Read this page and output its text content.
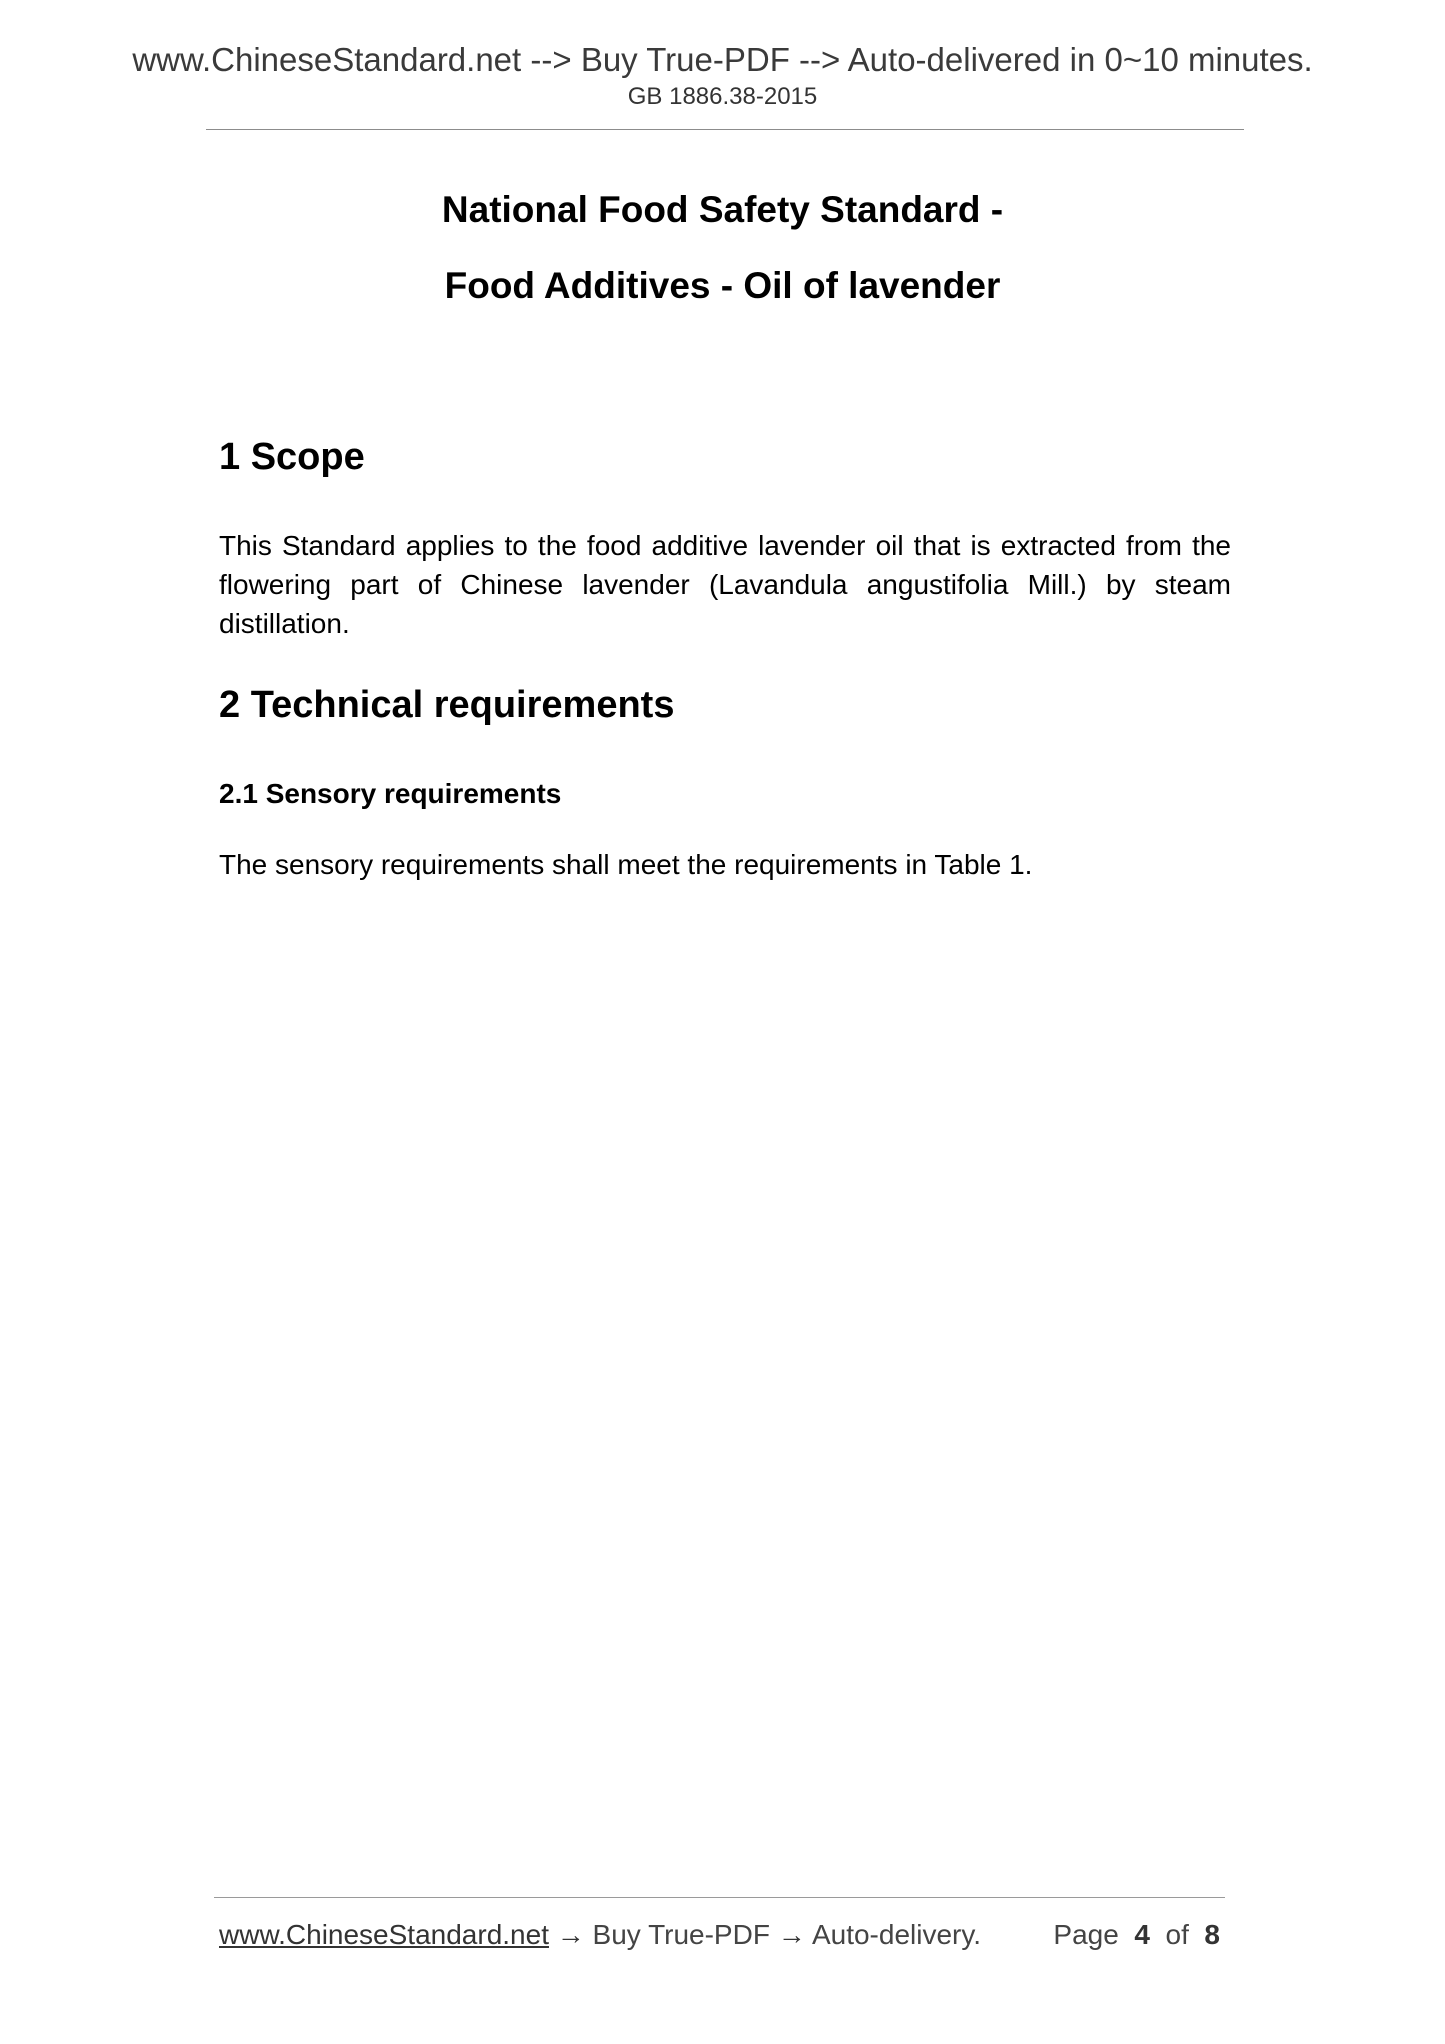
www.ChineseStandard.net --> Buy True-PDF --> Auto-delivered in 0~10 minutes.
GB 1886.38-2015
National Food Safety Standard -
Food Additives - Oil of lavender
1 Scope
This Standard applies to the food additive lavender oil that is extracted from the flowering part of Chinese lavender (Lavandula angustifolia Mill.) by steam distillation.
2 Technical requirements
2.1 Sensory requirements
The sensory requirements shall meet the requirements in Table 1.
www.ChineseStandard.net → Buy True-PDF → Auto-delivery.	Page 4 of 8
